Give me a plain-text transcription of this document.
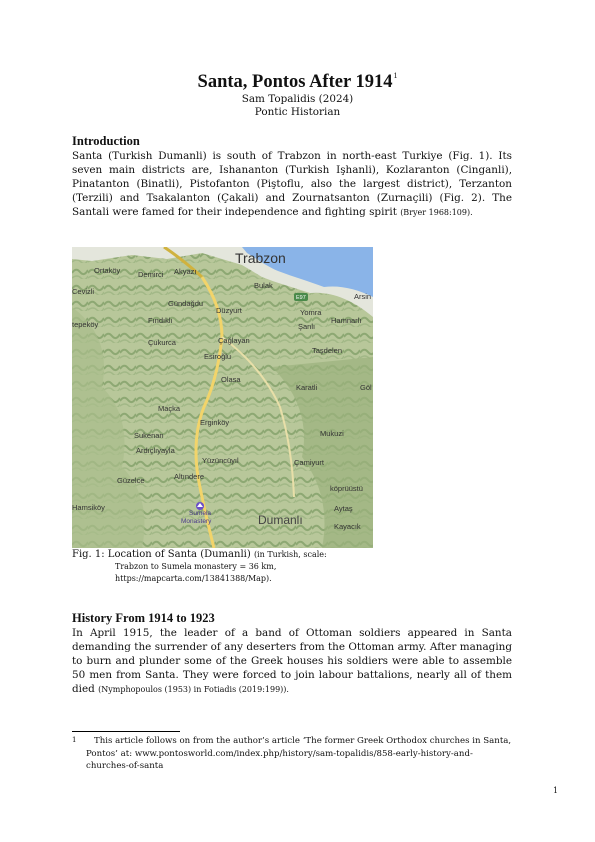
Santa, Pontos After 1914$^1$
Sam Topalidis (2024)
Pontic Historian
Introduction
Santa (Turkish Dumanli) is south of Trabzon in north-east Turkiye (Fig. 1). Its seven main districts are, Ishananton (Turkish Işhanli), Kozlaranton (Cinganli), Pinatanton (Binatli), Pistofanton (Piştoflu, also the largest district), Terzanton (Terzili) and Tsakalanton (Çakali) and Zournatsanton (Zurnaçili) (Fig. 2). The Santali were famed for their independence and fighting spirit (Bryer 1968:109).
Trabzon
Ortaköy Demirci Akyazı
E97
Yomra
Arsin
Cevizli
Gündağdu
Düzyurt
Bulak
Şanlı
Hamnarlı
tepeköy	Fındıklı
Çukurca	Çağlayan
Esiroğlu
Taşdelen
Olasa
Karatli	Göl
Maçka
Erginköy
Mukuzi
Sukenan
Ardıçlıyayla
Yüzüncüyıl	Çamiyurt
Güzelce	Altındere
köprüüstü
Hamsiköy
Sumela
Monastery	Dumanlı
Aytaş
Kayacık
Fig. 1: Location of Santa (Dumanli) (in Turkish, scale:
Trabzon to Sumela monastery = 36 km,
https://mapcarta.com/13841388/Map).
History From 1914 to 1923
In April 1915, the leader of a band of Ottoman soldiers appeared in Santa demanding the surrender of any deserters from the Ottoman army. After managing to burn and plunder some of the Greek houses his soldiers were able to assemble 50 men from Santa. They were forced to join labour battalions, nearly all of them died (Nymphopoulos (1953) in Fotiadis (2019:199)).
1	This article follows on from the author’s article ‘The former Greek Orthodox churches in Santa, Pontos’ at: www.pontosworld.com/index.php/history/sam-topalidis/858-early-history-and-churches-of-santa
1
